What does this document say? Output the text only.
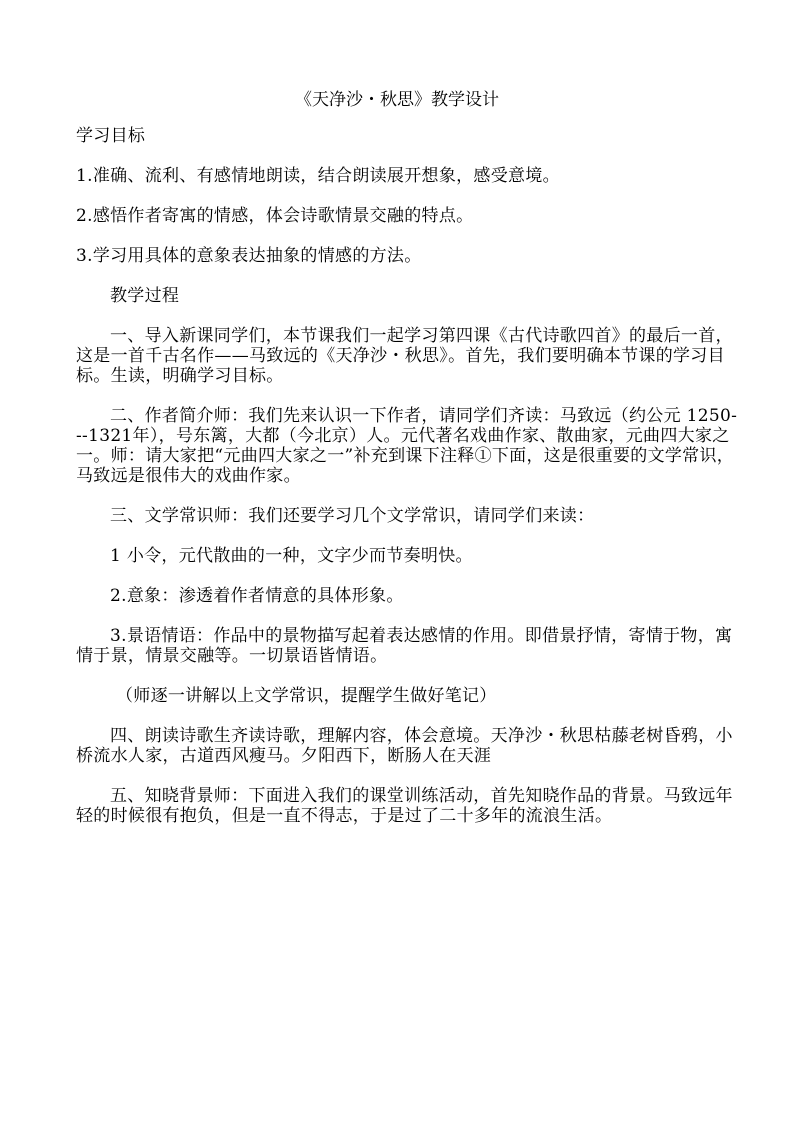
《天净沙・秋思》教学设计

学习目标

1.准确、流利、有感情地朗读，结合朗读展开想象，感受意境。

2.感悟作者寄寓的情感，体会诗歌情景交融的特点。

3.学习用具体的意象表达抽象的情感的方法。

教学过程

一、导入新课同学们，本节课我们一起学习第四课《古代诗歌四首》的最后一首，这是一首千古名作——马致远的《天净沙・秋思》。首先，我们要明确本节课的学习目标。生读，明确学习目标。

二、作者简介师：我们先来认识一下作者，请同学们齐读：马致远（约公元 1250---1321年），号东篱，大都（今北京）人。元代著名戏曲作家、散曲家，元曲四大家之一。师：请大家把“元曲四大家之一”补充到课下注释①下面，这是很重要的文学常识，马致远是很伟大的戏曲作家。

三、文学常识师：我们还要学习几个文学常识，请同学们来读：

1 小令，元代散曲的一种，文字少而节奏明快。

2.意象：渗透着作者情意的具体形象。

3.景语情语：作品中的景物描写起着表达感情的作用。即借景抒情，寄情于物，寓情于景，情景交融等。一切景语皆情语。

（师逐一讲解以上文学常识，提醒学生做好笔记）

四、朗读诗歌生齐读诗歌，理解内容，体会意境。天净沙・秋思枯藤老树昏鸦，小桥流水人家，古道西风瘦马。夕阳西下，断肠人在天涯

五、知晓背景师：下面进入我们的课堂训练活动，首先知晓作品的背景。马致远年轻的时候很有抱负，但是一直不得志，于是过了二十多年的流浪生活。
